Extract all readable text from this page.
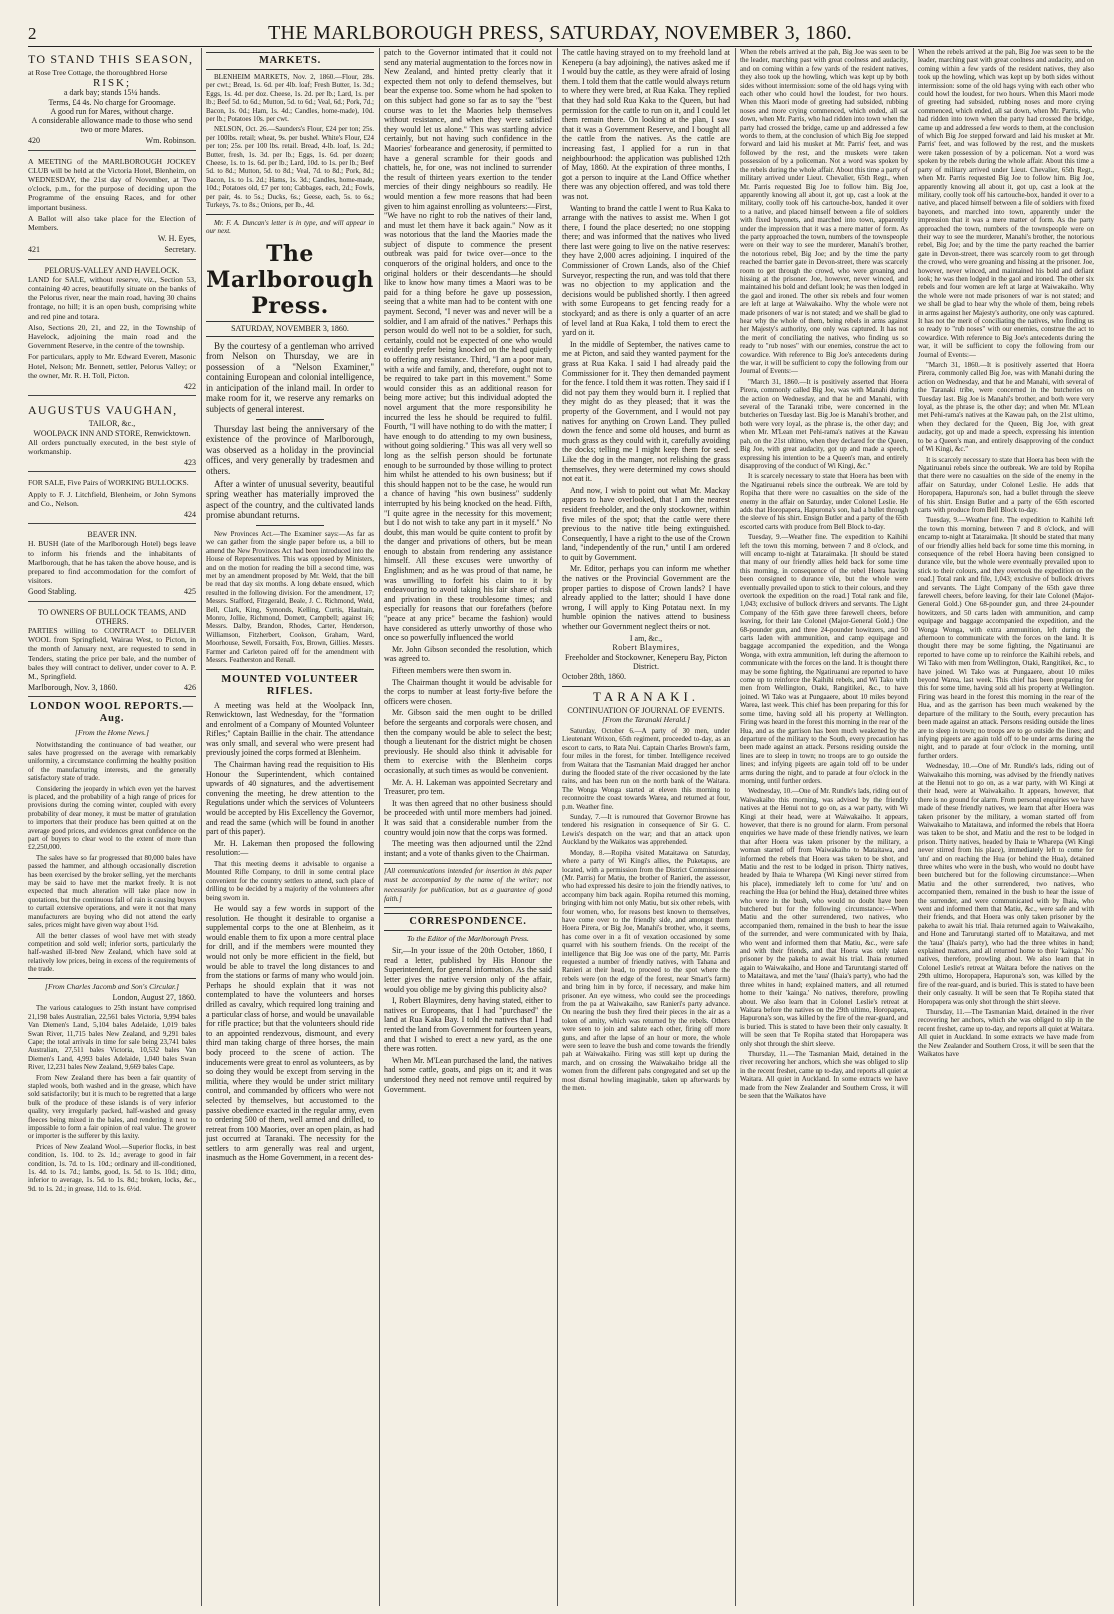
2	THE MARLBOROUGH PRESS, SATURDAY, NOVEMBER 3, 1860.
TO STAND THIS SEASON,

at Rose Tree Cottage, the thoroughbred Horse

RISK;
a dark bay; stands 15¼ hands.
Terms, £4 4s. No charge for Groomage.
A good run for Mares, without charge.
A considerable allowance made to those who send two or more Mares.
420	Wm. Robinson.

A MEETING of the MARLBOROUGH JOCKEY CLUB will be held at the Victoria Hotel, Blenheim, on WEDNESDAY, the 21st day of November, at Two o'clock, p.m., for the purpose of deciding upon the Programme of the ensuing Races, and for other important business.

A Ballot will also take place for the Election of Members.

W. H. Eyes,
421	Secretary.
PELORUS-VALLEY AND HAVELOCK.

LAND for SALE, without reserve, viz., Section 53, containing 40 acres, beautifully situate on the banks of the Pelorus river, near the main road, having 30 chains frontage, no hill; it is an open bush, comprising white and red pine and totara.

Also, Sections 20, 21, and 22, in the Township of Havelock, adjoining the main road and the Government Reserve, in the centre of the township.

For particulars, apply to Mr. Edward Everett, Masonic Hotel, Nelson; Mr. Bennett, settler, Pelorus Valley; or the owner, Mr. R. H. Toll, Picton.

422
AUGUSTUS VAUGHAN,
TAILOR, &c.,
WOOLPACK INN AND STORE, Renwicktown.

All orders punctually executed, in the best style of workmanship.

423

FOR SALE, Five Pairs of WORKING BULLOCKS.

Apply to F. J. Litchfield, Blenheim, or John Symons and Co., Nelson.

424
BEAVER INN.

H. BUSH (late of the Marlborough Hotel) begs leave to inform his friends and the inhabitants of Marlborough, that he has taken the above house, and is prepared to find accommodation for the comfort of visitors.

Good Stabling.	425
TO OWNERS OF BULLOCK TEAMS, AND OTHERS.

PARTIES willing to CONTRACT to DELIVER WOOL from Springfield, Wairau West, to Picton, in the month of January next, are requested to send in Tenders, stating the price per bale, and the number of bales they will contract to deliver, under cover to A. P. M., Springfield.

Marlborough, Nov. 3, 1860.	426
LONDON WOOL REPORTS.—Aug.
[From the Home News.]

Notwithstanding the continuance of bad weather, our sales have progressed on the average with remarkably uniformity, a circumstance confirming the healthy position of the manufacturing interests, and the generally satisfactory state of trade.

Considering the jeopardy in which even yet the harvest is placed, and the probability of a high range of prices for provisions during the coming winter, coupled with every probability of dear money, it must be matter of gratulation to importers that their produce has been quitted at on the average good prices, and evidences great confidence on the part of buyers to clear wool to the extent of more than £2,250,000.

The sales have so far progressed that 80,000 bales have passed the hammer, and although occasionally discretion has been exercised by the broker selling, yet the merchants may be said to have met the market freely. It is not expected that much alteration will take place now in quotations, but the continuous fall of rain is causing buyers to curtail extensive operations, and were it not that many manufacturers are buying who did not attend the early sales, prices might have given way about 1½d.

All the better classes of wool have met with steady competition and sold well; inferior sorts, particularly the half-washed ill-bred New Zealand, which have sold at relatively low prices, being in excess of the requirements of the trade.

[From Charles Jacomb and Son's Circular.]
London, August 27, 1860.

The various catalogues to 25th instant have comprised 21,198 bales Australian, 22,561 bales Victoria, 9,994 bales Van Diemen's Land, 5,104 bales Adelaide, 1,019 bales Swan River, 11,715 bales New Zealand, and 9,291 bales Cape; the total arrivals in time for sale being 23,741 bales Australian, 27,511 bales Victoria, 10,532 bales Van Diemen's Land, 4,993 bales Adelaide, 1,040 bales Swan River, 12,231 bales New Zealand, 9,669 bales Cape.

From New Zealand there has been a fair quantity of stapled wools, both washed and in the grease, which have sold satisfactorily; but it is much to be regretted that a large bulk of the produce of these islands is of very inferior quality, very irregularly packed, half-washed and greasy fleeces being mixed in the bales, and rendering it next to impossible to form a fair opinion of real value. The grower or importer is the sufferer by this laxity.

Prices of New Zealand Wool.—Superior flocks, in best condition, 1s. 10d. to 2s. 1d.; average to good in fair condition, 1s. 7d. to 1s. 10d.; ordinary and ill-conditioned, 1s. 4d. to 1s. 7d.; lambs, good, 1s. 5d. to 1s. 10d.; ditto, inferior to average, 1s. 5d. to 1s. 8d.; broken, locks, &c., 9d. to 1s. 2d.; in grease, 11d. to 1s. 6½d.

MARKETS.

BLENHEIM MARKETS, Nov. 2, 1860.—Flour, 28s. per cwt.; Bread, 1s. 6d. per 4lb. loaf; Fresh Butter, 1s. 3d.; Eggs, 1s. 4d. per doz. Cheese, 1s. 2d. per lb.; Lard, 1s. per lb.; Beef 5d. to 6d.; Mutton, 5d. to 6d.; Veal, 6d.; Pork, 7d.; Bacon, 1s. 0d.; Ham, 1s. 4d.; Candles, home-made), 10d. per lb.; Potatoes 10s. per cwt.

NELSON, Oct. 26.—Saunders's Flour, £24 per ton; 25s. per 100lbs. retail; wheat, 9s. per bushel. White's Flour, £24 per ton; 25s. per 100 lbs. retail. Bread, 4-lb. loaf, 1s. 2d.; Butter, fresh, 1s. 3d. per lb.; Eggs, 1s. 6d. per dozen; Cheese, 1s. to 1s. 6d. per lb.; Lard, 10d. to 1s. per lb.; Beef 5d. to 8d.; Mutton, 5d. to 8d.; Veal, 7d. to 8d.; Pork, 8d.; Bacon, 1s. to 1s. 2d.; Hams, 1s. 3d.; Candles, home-made, 10d.; Potatoes old, £7 per ton; Cabbages, each, 2d.; Fowls, per pair, 4s. to 5s.; Ducks, 6s.; Geese, each, 5s. to 6s.; Turkeys, 7s. to 8s.; Onions, per lb., 4d.

Mr. F. A. Duncan's letter is in type, and will appear in our next.

The Marlborough Press.
SATURDAY, NOVEMBER 3, 1860.

By the courtesy of a gentleman who arrived from Nelson on Thursday, we are in possession of a "Nelson Examiner," containing European and colonial intelligence, in anticipation of the inland mail. In order to make room for it, we reserve any remarks on subjects of general interest.

Thursday last being the anniversary of the existence of the province of Marlborough, was observed as a holiday in the provincial offices, and very generally by tradesmen and others.

After a winter of unusual severity, beautiful spring weather has materially improved the aspect of the country, and the cultivated lands promise abundant returns.

New Provinces Act.—The Examiner says:—As far as we can gather from the single paper before us, a bill to amend the New Provinces Act had been introduced into the House of Representatives. This was opposed by Ministers, and on the motion for reading the bill a second time, was met by an amendment proposed by Mr. Weld, that the bill be read that day six months. A long debate ensued, which resulted in the following division. For the amendment, 17; Messrs. Stafford, Fitzgerald, Beale, J. C. Richmond, Weld, Bell, Clark, King, Symonds, Kelling, Curtis, Haultain, Monro, Jollie, Richmond, Domett, Campbell; against 16; Messrs. Dalby, Brandon, Rhodes, Carter, Henderson, Williamson, Fitzherbert, Cookson, Graham, Ward, Moorhouse, Sewell, Forsaith, Fox, Brown, Gillies. Messrs. Farmer and Carleton paired off for the amendment with Messrs. Featherston and Renall.

MOUNTED VOLUNTEER RIFLES.

A meeting was held at the Woolpack Inn, Renwicktown, last Wednesday, for the "formation and enrolment of a Company of Mounted Volunteer Rifles;" Captain Baillie in the chair. The attendance was only small, and several who were present had previously joined the corps formed at Blenheim.

The Chairman having read the requisition to His Honour the Superintendent, which contained upwards of 40 signatures, and the advertisement convening the meeting, he drew attention to the Regulations under which the services of Volunteers would be accepted by His Excellency the Governor, and read the same (which will be found in another part of this paper).

Mr. H. Lakeman then proposed the following resolution:—

That this meeting deems it advisable to organise a Mounted Rifle Company, to drill in some central place convenient for the country settlers to attend, such place of drilling to be decided by a majority of the volunteers after being sworn in.

He would say a few words in support of the resolution. He thought it desirable to organise a supplemental corps to the one at Blenheim, as it would enable them to fix upon a more central place for drill, and if the members were mounted they would not only be more efficient in the field, but would be able to travel the long distances to and from the stations or farms of many who would join. Perhaps he should explain that it was not contemplated to have the volunteers and horses drilled as cavalry, which required long training and a particular class of horse, and would be unavailable for rifle practice; but that the volunteers should ride to an appointed rendezvous, dismount, and every third man taking charge of three horses, the main body proceed to the scene of action. The inducements were great to enrol as volunteers, as by so doing they would be except from serving in the militia, where they would be under strict military control, and commanded by officers who were not selected by themselves, but accustomed to the passive obedience exacted in the regular army, even to ordering 500 of them, well armed and drilled, to retreat from 100 Maories, over an open plain, as had just occurred at Taranaki. The necessity for the settlers to arm generally was real and urgent, inasmuch as the Home Government, in a recent des-

patch to the Governor intimated that it could not send any material augmentation to the forces now in New Zealand, and hinted pretty clearly that it expected them not only to defend themselves, but bear the expense too. Some whom he had spoken to on this subject had gone so far as to say the "best course was to let the Maories help themselves without resistance, and when they were satisfied they would let us alone." This was startling advice certainly, but not having such confidence in the Maories' forbearance and generosity, if permitted to have a general scramble for their goods and chattels, he, for one, was not inclined to surrender the result of thirteen years exertion to the tender mercies of their dingy neighbours so readily. He would mention a few more reasons that had been given to him against enrolling as volunteers:—First, "We have no right to rob the natives of their land, and must let them have it back again." Now as it was notorious that the land the Maories made the subject of dispute to commence the present outbreak was paid for twice over—once to the conquerors of the original holders, and once to the original holders or their descendants—he should like to know how many times a Maori was to be paid for a thing before he gave up possession, seeing that a white man had to be content with one payment. Second, "I never was and never will be a soldier, and I am afraid of the natives." Perhaps this person would do well not to be a soldier, for such, certainly, could not be expected of one who would evidently prefer being knocked on the head quietly to offering any resistance. Third, "I am a poor man, with a wife and family, and, therefore, ought not to be required to take part in this movement." Some would consider this as an additional reason for being more active; but this individual adopted the novel argument that the more responsibility he incurred the less he should be required to fulfil. Fourth, "I will have nothing to do with the matter; I have enough to do attending to my own business, without going soldiering." This was all very well so long as the selfish person should be fortunate enough to be surrounded by those willing to protect him whilst he attended to his own business; but if this should happen not to be the case, he would run a chance of having "his own business" suddenly interrupted by his being knocked on the head. Fifth, "I quite agree in the necessity for this movement; but I do not wish to take any part in it myself." No doubt, this man would be quite content to profit by the danger and privations of others, but be mean enough to abstain from rendering any assistance himself. All these excuses were unworthy of Englishmen; and as he was proud of that name, he was unwilling to forfeit his claim to it by endeavouring to avoid taking his fair share of risk and privation in these troublesome times; and especially for reasons that our forefathers (before "peace at any price" became the fashion) would have considered as utterly unworthy of those who once so powerfully influenced the world

Mr. John Gibson seconded the resolution, which was agreed to.

Fifteen members were then sworn in.

The Chairman thought it would be advisable for the corps to number at least forty-five before the officers were chosen.

Mr. Gibson said the men ought to be drilled before the sergeants and corporals were chosen, and then the company would be able to select the best; though a lieutenant for the district might be chosen previously. He should also think it advisable for them to exercise with the Blenheim corps occasionally, at such times as would be convenient.

Mr. A. H. Lakeman was appointed Secretary and Treasurer, pro tem.

It was then agreed that no other business should be proceeded with until more members had joined. It was said that a considerable number from the country would join now that the corps was formed.

The meeting was then adjourned until the 22nd instant; and a vote of thanks given to the Chairman.

[All communications intended for insertion in this paper must be accompanied by the name of the writer; not necessarily for publication, but as a guarantee of good faith.]
CORRESPONDENCE.
To the Editor of the Marlborough Press.

Sir,—In your issue of the 20th October, 1860, I read a letter, published by His Honour the Superintendent, for general information. As the said letter gives the native version only of the affair, would you oblige me by giving this publicity also?

I, Robert Blaymires, deny having stated, either to natives or Europeans, that I had "purchased" the land at Rua Kaka Bay. I told the natives that I had rented the land from Government for fourteen years, and that I wished to erect a new yard, as the one there was rotten.

When Mr. M'Lean purchased the land, the natives had some cattle, goats, and pigs on it; and it was understood they need not remove until required by Government.

The cattle having strayed on to my freehold land at Keneperu (a bay adjoining), the natives asked me if I would buy the cattle, as they were afraid of losing them. I told them that the cattle would always return to where they were bred, at Rua Kaka. They replied that they had sold Rua Kaka to the Queen, but had permission for the cattle to run on it, and I could let them remain there. On looking at the plan, I saw that it was a Government Reserve, and I bought all the cattle from the natives. As the cattle are increasing fast, I applied for a run in that neighbourhood: the application was published 12th of May, 1860. At the expiration of three months, I got a person to inquire at the Land Office whether there was any objection offered, and was told there was not.

Wanting to brand the cattle I went to Rua Kaka to arrange with the natives to assist me. When I got there, I found the place deserted; no one stopping there; and was informed that the natives who lived there last were going to live on the native reserves: they have 2,000 acres adjoining. I inquired of the Commissioner of Crown Lands, also of the Chief Surveyor, respecting the run, and was told that there was no objection to my application and the decisions would be published shortly. I then agreed with some Europeans to get fencing ready for a stockyard; and as there is only a quarter of an acre of level land at Rua Kaka, I told them to erect the yard on it.

In the middle of September, the natives came to me at Picton, and said they wanted payment for the grass at Rua Kaka. I said I had already paid the Commissioner for it. They then demanded payment for the fence. I told them it was rotten. They said if I did not pay them they would burn it. I replied that they might do as they pleased; that it was the property of the Government, and I would not pay natives for anything on Crown Land. They pulled down the fence and some old houses, and burnt as much grass as they could with it, carefully avoiding the docks; telling me I might keep them for seed. Like the dog in the manger, not relishing the grass themselves, they were determined my cows should not eat it.

And now, I wish to point out what Mr. Mackay appears to have overlooked, that I am the nearest resident freeholder, and the only stockowner, within five miles of the spot; that the cattle were there previous to the native title being extinguished. Consequently, I have a right to the use of the Crown land, "independently of the run," until I am ordered to quit by Government.

Mr. Editor, perhaps you can inform me whether the natives or the Provincial Government are the proper parties to dispose of Crown lands? I have already applied to the latter; should I have done wrong, I will apply to King Potatau next. In my humble opinion the natives attend to business whether our Government neglect theirs or not.

I am, &c.,
Robert Blaymires,
Freeholder and Stockowner, Keneperu Bay, Picton District.
October 28th, 1860.
TARANAKI.
CONTINUATION OF JOURNAL OF EVENTS.
[From the Taranaki Herald.]

Saturday, October 6.—A party of 30 men, under Lieutenant Wrixon, 65th regiment, proceeded to-day, as an escort to carts, to Rata Nui. Captain Charles Brown's farm, four miles in the forest, for timber. Intelligence received from Waitara that the Tasmanian Maid dragged her anchor during the flooded state of the river occasioned by the late rains, and has been run on the north bank of the Waitara. The Wonga Wonga started at eleven this morning to reconnoitre the coast towards Warea, and returned at four, p.m. Weather fine.

Sunday, 7.—It is rumoured that Governor Browne has tendered his resignation in consequence of Sir G. C. Lewis's despatch on the war; and that an attack upon Auckland by the Waikatos was apprehended.

Monday, 8.—Ropiha visited Mataitawa on Saturday, where a party of Wi Kingi's allies, the Puketapus, are located, with a permission from the District Commissioner (Mr. Parris) for Matiu, the brother of Ranieri, the assessor, who had expressed his desire to join the friendly natives, to accompany him back again. Ropiha returned this morning, bringing with him not only Matiu, but six other rebels, with four women, who, for reasons best known to themselves, have come over to the friendly side, and amongst them Hoera Pirera, or Big Joe, Manahi's brother, who, it seems, has come over in a fit of vexation occasioned by some quarrel with his southern friends. On the receipt of the intelligence that Big Joe was one of the party, Mr. Parris requested a number of friendly natives, with Tahana and Ranieri at their head, to proceed to the spot where the rebels were (on the edge of the forest, near Smart's farm) and bring him in by force, if necessary, and make him prisoner. An eye witness, who could see the proceedings from the pa at Waiwakaiho, saw Ranieri's party advance. On nearing the bush they fired their pieces in the air as a token of amity, which was returned by the rebels. Others were seen to join and salute each other, firing off more guns, and after the lapse of an hour or more, the whole were seen to leave the bush and come towards the friendly pah at Waiwakaiho. Firing was still kept up during the march, and on crossing the Waiwakaiho bridge all the women from the different pahs congregated and set up the most dismal howling imaginable, taken up afterwards by the men.

When the rebels arrived at the pah, Big Joe was seen to be the leader, marching past with great coolness and audacity, and on coming within a few yards of the resident natives, they also took up the howling, which was kept up by both sides without intermission: some of the old hags vying with each other who could howl the loudest, for two hours. When this Maori mode of greeting had subsided, rubbing noses and more crying commenced, which ended, all sat down, when Mr. Parris, who had ridden into town when the party had crossed the bridge, came up and addressed a few words to them, at the conclusion of which Big Joe stepped forward and laid his musket at Mr. Parris' feet, and was followed by the rest, and the muskets were taken possession of by a policeman. Not a word was spoken by the rebels during the whole affair. About this time a party of military arrived under Lieut. Chevalier, 65th Regt., when Mr. Parris requested Big Joe to follow him. Big Joe, apparently knowing all about it, got up, cast a look at the military, coolly took off his cartouche-box, handed it over to a native, and placed himself between a file of soldiers with fixed bayonets, and marched into town, apparently under the impression that it was a mere matter of form. As the party approached the town, numbers of the townspeople were on their way to see the murderer, Manahi's brother, the notorious rebel, Big Joe; and by the time the party reached the barrier gate in Devon-street, there was scarcely room to get through the crowd, who were groaning and hissing at the prisoner. Joe, however, never winced, and maintained his bold and defiant look; he was then lodged in the gaol and ironed. The other six rebels and four women are left at large at Waiwakaiho. Why the whole were not made prisoners of war is not stated; and we shall be glad to hear why the whole of them, being rebels in arms against her Majesty's authority, one only was captured. It has not the merit of conciliating the natives, who finding us so ready to "rub noses" with our enemies, construe the act to cowardice. With reference to Big Joe's antecedents during the war, it will be sufficient to copy the following from our Journal of Events:—

"March 31, 1860.—It is positively asserted that Hoera Pirera, commonly called Big Joe, was with Manahi during the action on Wednesday, and that he and Manahi, with several of the Taranaki tribe, were concerned in the butcheries on Tuesday last. Big Joe is Manahi's brother, and both were very loyal, as the phrase is, the other day; and when Mr. M'Lean met Pehi-rama's natives at the Kawau pah, on the 21st ultimo, when they declared for the Queen, Big Joe, with great audacity, got up and made a speech, expressing his intention to be a Queen's man, and entirely disapproving of the conduct of Wi Kingi, &c."

It is scarcely necessary to state that Hoera has been with the Ngatiruanui rebels since the outbreak. We are told by Ropiha that there were no casualties on the side of the enemy in the affair on Saturday, under Colonel Leslie. He adds that Horopapera, Hapurona's son, had a bullet through the sleeve of his shirt. Ensign Butler and a party of the 65th escorted carts with produce from Bell Block to-day.

Tuesday, 9.—Weather fine. The expedition to Kaihihi left the town this morning, between 7 and 8 o'clock, and will encamp to-night at Tataraimaka. [It should be stated that many of our friendly allies held back for some time this morning, in consequence of the rebel Hoera having been consigned to durance vile, but the whole were eventually prevailed upon to stick to their colours, and they overtook the expedition on the road.] Total rank and file, 1,043; exclusive of bullock drivers and servants. The Light Company of the 65th gave three farewell cheers, before leaving, for their late Colonel (Major-General Gold.) One 68-pounder gun, and three 24-pounder howitzers, and 50 carts laden with ammunition, and camp equipage and baggage accompanied the expedition, and the Wonga Wonga, with extra ammunition, left during the afternoon to communicate with the forces on the land. It is thought there may be some fighting, the Ngatiruanui are reported to have come up to reinforce the Kaihihi rebels, and Wi Tako with men from Wellington, Otaki, Rangitikei, &c., to have joined. Wi Tako was at Pungaaere, about 10 miles beyond Warea, last week. This chief has been preparing for this for some time, having sold all his property at Wellington. Firing was heard in the forest this morning in the rear of the Hua, and as the garrison has been much weakened by the departure of the military to the South, every precaution has been made against an attack. Persons residing outside the lines are to sleep in town; no troops are to go outside the lines; and infying pigeets are again told off to be under arms during the night, and to parade at four o'clock in the morning, until further orders.

Wednesday, 10.—One of Mr. Rundle's lads, riding out of Waiwakaiho this morning, was advised by the friendly natives at the Henui not to go on, as a war party, with Wi Kingi at their head, were at Waiwakaiho. It appears, however, that there is no ground for alarm. From personal enquiries we have made of these friendly natives, we learn that after Hoera was taken prisoner by the military, a woman started off from Waiwakaiho to Mataitawa, and informed the rebels that Hoera was taken to be shot, and Matiu and the rest to be lodged in prison. Thirty natives, headed by Ihaia te Wharepa (Wi Kingi never stirred from his place), immediately left to come for 'utu' and on reaching the Hua (or behind the Hua), detained three whites who were in the bush, who would no doubt have been butchered but for the following circumstance:—When Matiu and the other surrendered, two natives, who accompanied them, remained in the bush to hear the issue of the surrender, and were communicated with by Ihaia, who went and informed them that Matiu, &c., were safe and with their friends, and that Hoera was only taken prisoner by the pakeha to await his trial. Ihaia returned again to Waiwakaiho, and Hone and Tarurutangi started off to Mataitawa, and met the 'taua' (Ihaia's party), who had the three whites in hand; explained matters, and all returned home to their 'kainga.' No natives, therefore, prowling about. We also learn that in Colonel Leslie's retreat at Waitara before the natives on the 29th ultimo, Horopapera, Hapurona's son, was killed by the fire of the rear-guard, and is buried. This is stated to have been their only casualty. It will be seen that Te Ropiha stated that Horopapera was only shot through the shirt sleeve.

Thursday, 11.—The Tasmanian Maid, detained in the river recovering her anchors, which she was obliged to slip in the recent freshet, came up to-day, and reports all quiet at Waitara. All quiet in Auckland. In some extracts we have made from the New Zealander and Southern Cross, it will be seen that the Waikatos have

When the rebels arrived at the pah, Big Joe was seen to be the leader, marching past with great coolness and audacity, and on coming within a few yards of the resident natives, they also took up the howling, which was kept up by both sides without intermission: some of the old hags vying with each other who could howl the loudest, for two hours. When this Maori mode of greeting had subsided, rubbing noses and more crying commenced, which ended, all sat down, when Mr. Parris, who had ridden into town when the party had crossed the bridge, came up and addressed a few words to them, at the conclusion of which Big Joe stepped forward and laid his musket at Mr. Parris' feet, and was followed by the rest, and the muskets were taken possession of by a policeman. Not a word was spoken by the rebels during the whole affair. About this time a party of military arrived under Lieut. Chevalier, 65th Regt., when Mr. Parris requested Big Joe to follow him. Big Joe, apparently knowing all about it, got up, cast a look at the military, coolly took off his cartouche-box, handed it over to a native, and placed himself between a file of soldiers with fixed bayonets, and marched into town, apparently under the impression that it was a mere matter of form. As the party approached the town, numbers of the townspeople were on their way to see the murderer, Manahi's brother, the notorious rebel, Big Joe; and by the time the party reached the barrier gate in Devon-street, there was scarcely room to get through the crowd, who were groaning and hissing at the prisoner. Joe, however, never winced, and maintained his bold and defiant look; he was then lodged in the gaol and ironed. The other six rebels and four women are left at large at Waiwakaiho. Why the whole were not made prisoners of war is not stated; and we shall be glad to hear why the whole of them, being rebels in arms against her Majesty's authority, one only was captured. It has not the merit of conciliating the natives, who finding us so ready to "rub noses" with our enemies, construe the act to cowardice. With reference to Big Joe's antecedents during the war, it will be sufficient to copy the following from our Journal of Events:—

"March 31, 1860.—It is positively asserted that Hoera Pirera, commonly called Big Joe, was with Manahi during the action on Wednesday, and that he and Manahi, with several of the Taranaki tribe, were concerned in the butcheries on Tuesday last. Big Joe is Manahi's brother, and both were very loyal, as the phrase is, the other day; and when Mr. M'Lean met Pehi-rama's natives at the Kawau pah, on the 21st ultimo, when they declared for the Queen, Big Joe, with great audacity, got up and made a speech, expressing his intention to be a Queen's man, and entirely disapproving of the conduct of Wi Kingi, &c."

It is scarcely necessary to state that Hoera has been with the Ngatiruanui rebels since the outbreak. We are told by Ropiha that there were no casualties on the side of the enemy in the affair on Saturday, under Colonel Leslie. He adds that Horopapera, Hapurona's son, had a bullet through the sleeve of his shirt. Ensign Butler and a party of the 65th escorted carts with produce from Bell Block to-day.

Tuesday, 9.—Weather fine. The expedition to Kaihihi left the town this morning, between 7 and 8 o'clock, and will encamp to-night at Tataraimaka. [It should be stated that many of our friendly allies held back for some time this morning, in consequence of the rebel Hoera having been consigned to durance vile, but the whole were eventually prevailed upon to stick to their colours, and they overtook the expedition on the road.] Total rank and file, 1,043; exclusive of bullock drivers and servants. The Light Company of the 65th gave three farewell cheers, before leaving, for their late Colonel (Major-General Gold.) One 68-pounder gun, and three 24-pounder howitzers, and 50 carts laden with ammunition, and camp equipage and baggage accompanied the expedition, and the Wonga Wonga, with extra ammunition, left during the afternoon to communicate with the forces on the land. It is thought there may be some fighting, the Ngatiruanui are reported to have come up to reinforce the Kaihihi rebels, and Wi Tako with men from Wellington, Otaki, Rangitikei, &c., to have joined. Wi Tako was at Pungaaere, about 10 miles beyond Warea, last week. This chief has been preparing for this for some time, having sold all his property at Wellington. Firing was heard in the forest this morning in the rear of the Hua, and as the garrison has been much weakened by the departure of the military to the South, every precaution has been made against an attack. Persons residing outside the lines are to sleep in town; no troops are to go outside the lines; and infying pigeets are again told off to be under arms during the night, and to parade at four o'clock in the morning, until further orders.

Wednesday, 10.—One of Mr. Rundle's lads, riding out of Waiwakaiho this morning, was advised by the friendly natives at the Henui not to go on, as a war party, with Wi Kingi at their head, were at Waiwakaiho. It appears, however, that there is no ground for alarm. From personal enquiries we have made of these friendly natives, we learn that after Hoera was taken prisoner by the military, a woman started off from Waiwakaiho to Mataitawa, and informed the rebels that Hoera was taken to be shot, and Matiu and the rest to be lodged in prison. Thirty natives, headed by Ihaia te Wharepa (Wi Kingi never stirred from his place), immediately left to come for 'utu' and on reaching the Hua (or behind the Hua), detained three whites who were in the bush, who would no doubt have been butchered but for the following circumstance:—When Matiu and the other surrendered, two natives, who accompanied them, remained in the bush to hear the issue of the surrender, and were communicated with by Ihaia, who went and informed them that Matiu, &c., were safe and with their friends, and that Hoera was only taken prisoner by the pakeha to await his trial. Ihaia returned again to Waiwakaiho, and Hone and Tarurutangi started off to Mataitawa, and met the 'taua' (Ihaia's party), who had the three whites in hand; explained matters, and all returned home to their 'kainga.' No natives, therefore, prowling about. We also learn that in Colonel Leslie's retreat at Waitara before the natives on the 29th ultimo, Horopapera, Hapurona's son, was killed by the fire of the rear-guard, and is buried. This is stated to have been their only casualty. It will be seen that Te Ropiha stated that Horopapera was only shot through the shirt sleeve.

Thursday, 11.—The Tasmanian Maid, detained in the river recovering her anchors, which she was obliged to slip in the recent freshet, came up to-day, and reports all quiet at Waitara. All quiet in Auckland. In some extracts we have made from the New Zealander and Southern Cross, it will be seen that the Waikatos have
